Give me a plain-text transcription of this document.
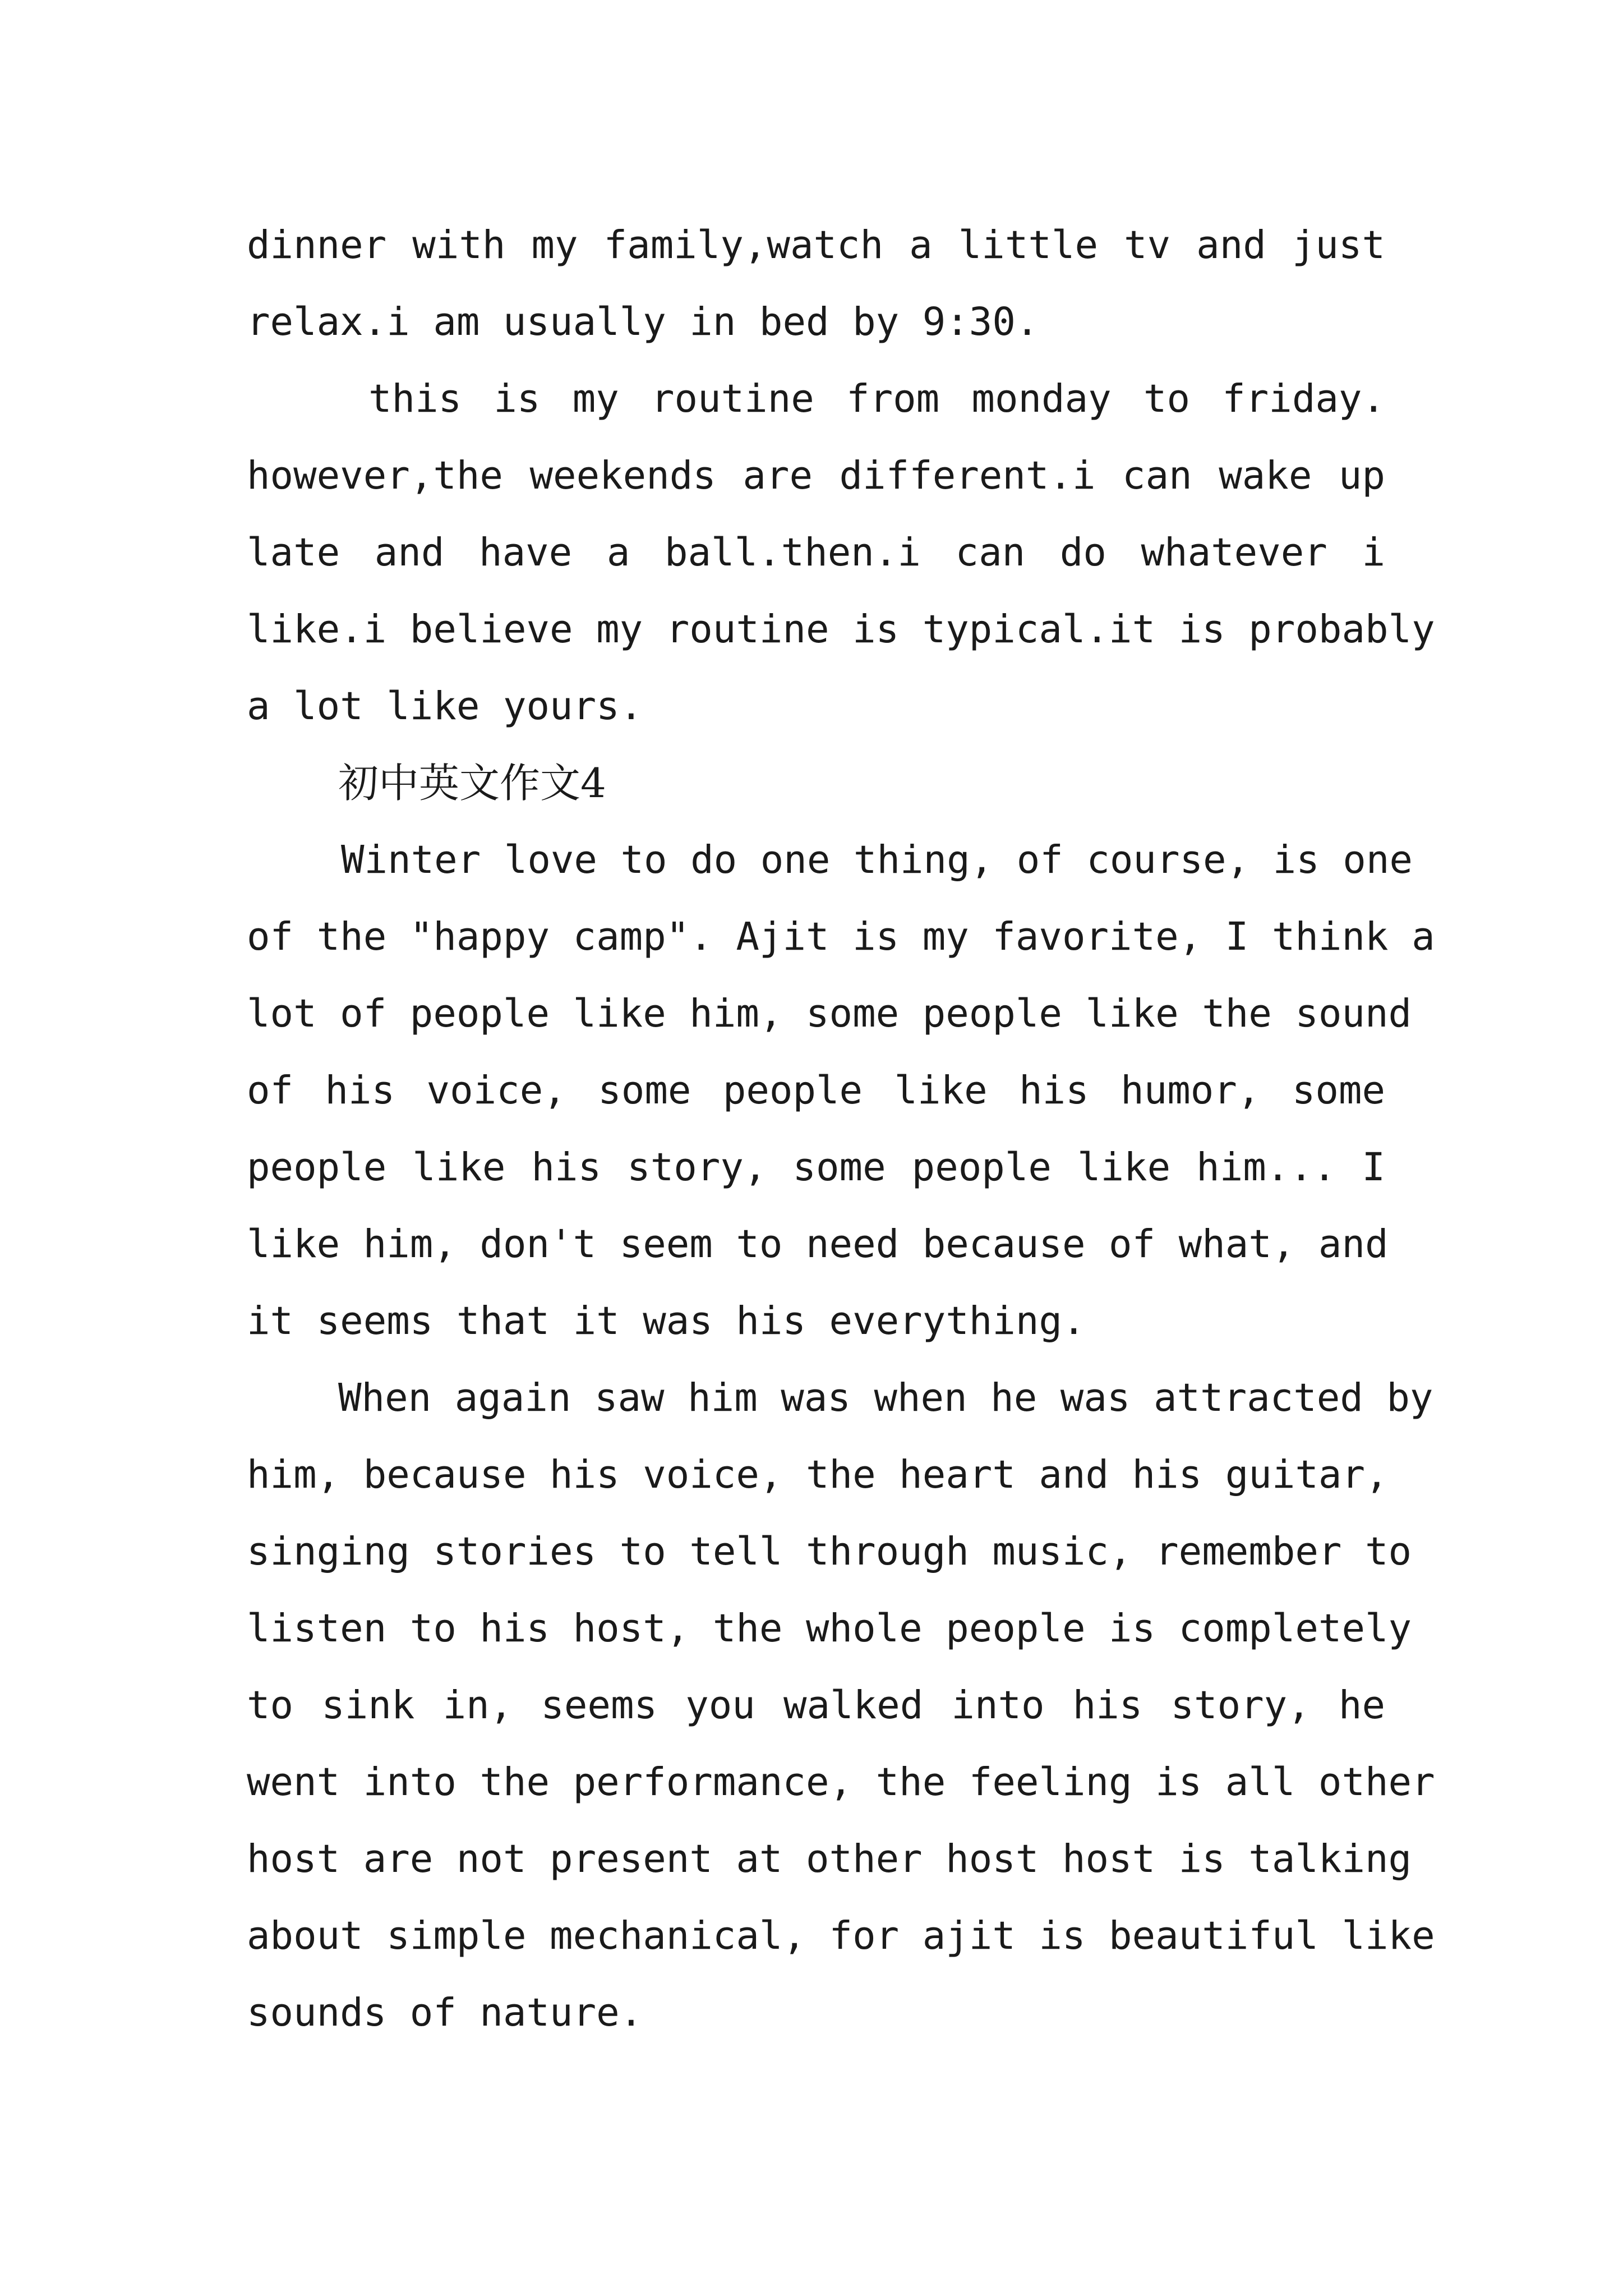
dinner with my family,watch a little tv and just
relax.i am usually in bed by 9:30.
this is my routine from monday to friday.
however,the weekends are different.i can wake up
late and have a ball.then.i can do whatever i
like.i believe my routine is typical.it is probably
a lot like yours.
初中英文作文4
Winter love to do one thing, of course, is one
of the "happy camp". Ajit is my favorite, I think a
lot of people like him, some people like the sound
of his voice, some people like his humor, some
people like his story, some people like him... I
like him, don't seem to need because of what, and
it seems that it was his everything.
When again saw him was when he was attracted by
him, because his voice, the heart and his guitar,
singing stories to tell through music, remember to
listen to his host, the whole people is completely
to sink in, seems you walked into his story, he
went into the performance, the feeling is all other
host are not present at other host host is talking
about simple mechanical, for ajit is beautiful like
sounds of nature.
